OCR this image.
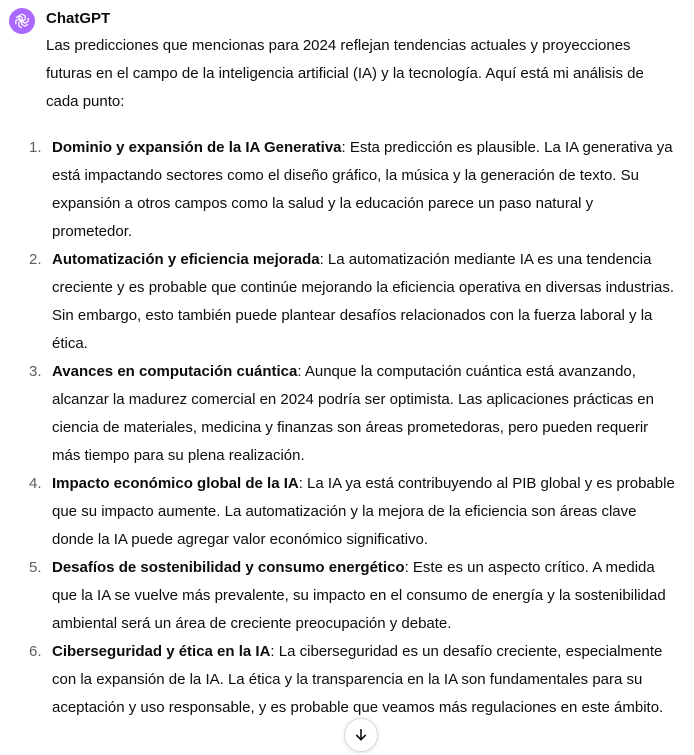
ChatGPT

Las predicciones que mencionas para 2024 reflejan tendencias actuales y proyecciones futuras en el campo de la inteligencia artificial (IA) y la tecnología. Aquí está mi análisis de cada punto:

1. Dominio y expansión de la IA Generativa: Esta predicción es plausible. La IA generativa ya está impactando sectores como el diseño gráfico, la música y la generación de texto. Su expansión a otros campos como la salud y la educación parece un paso natural y prometedor.
2. Automatización y eficiencia mejorada: La automatización mediante IA es una tendencia creciente y es probable que continúe mejorando la eficiencia operativa en diversas industrias. Sin embargo, esto también puede plantear desafíos relacionados con la fuerza laboral y la ética.
3. Avances en computación cuántica: Aunque la computación cuántica está avanzando, alcanzar la madurez comercial en 2024 podría ser optimista. Las aplicaciones prácticas en ciencia de materiales, medicina y finanzas son áreas prometedoras, pero pueden requerir más tiempo para su plena realización.
4. Impacto económico global de la IA: La IA ya está contribuyendo al PIB global y es probable que su impacto aumente. La automatización y la mejora de la eficiencia son áreas clave donde la IA puede agregar valor económico significativo.
5. Desafíos de sostenibilidad y consumo energético: Este es un aspecto crítico. A medida que la IA se vuelve más prevalente, su impacto en el consumo de energía y la sostenibilidad ambiental será un área de creciente preocupación y debate.
6. Ciberseguridad y ética en la IA: La ciberseguridad es un desafío creciente, especialmente con la expansión de la IA. La ética y la transparencia en la IA son fundamentales para su aceptación y uso responsable, y es probable que veamos más regulaciones en este ámbito.
